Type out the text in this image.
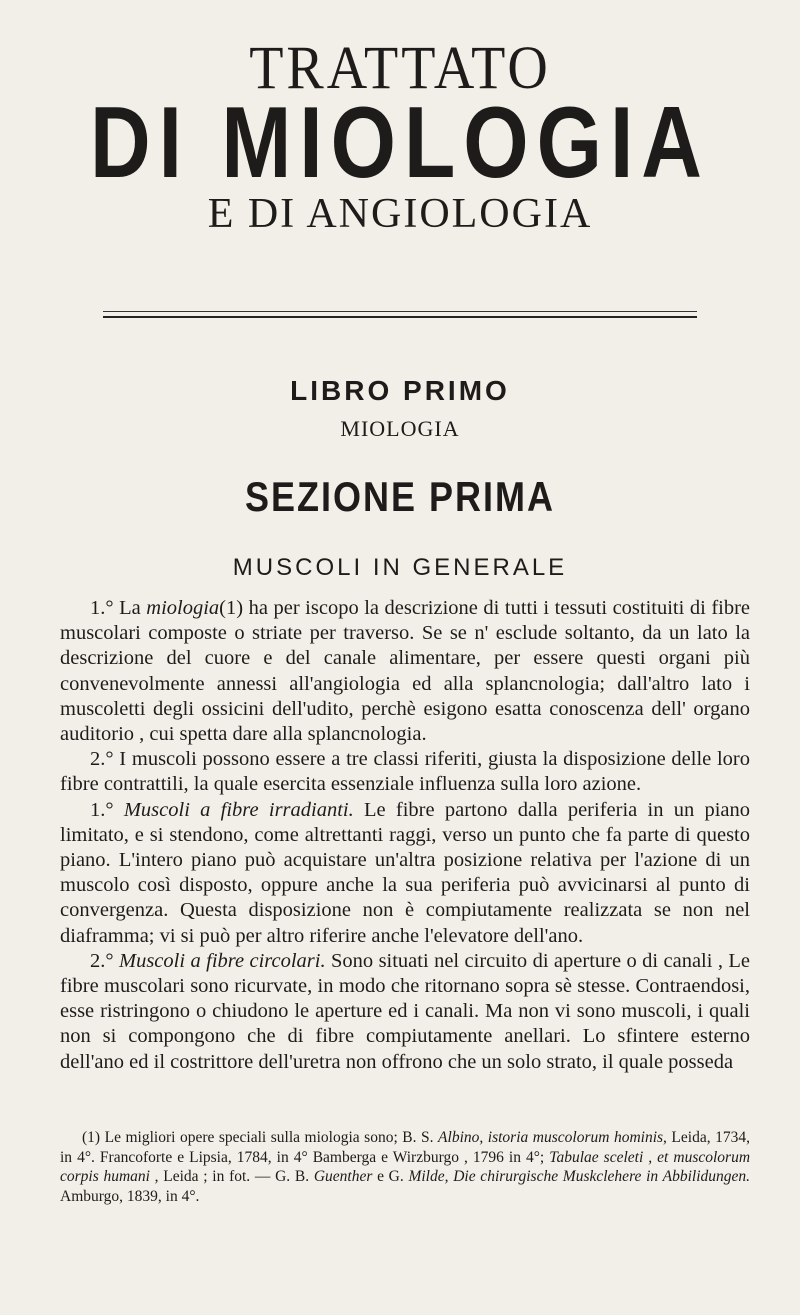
TRATTATO
DI MIOLOGIA
E DI ANGIOLOGIA
LIBRO PRIMO
MIOLOGIA
SEZIONE PRIMA
MUSCOLI IN GENERALE

1.° La miologia(1) ha per iscopo la descrizione di tutti i tessuti costituiti di fibre muscolari composte o striate per traverso. Se se n' esclude soltanto, da un lato la descrizione del cuore e del canale alimentare, per essere questi organi più convenevolmente annessi all'angiologia ed alla splancnologia; dall'altro lato i muscoletti degli ossicini dell'udito, perchè esigono esatta conoscenza dell' organo auditorio , cui spetta dare alla splancnologia.

2.° I muscoli possono essere a tre classi riferiti, giusta la disposizione delle loro fibre contrattili, la quale esercita essenziale influenza sulla loro azione.

1.° Muscoli a fibre irradianti. Le fibre partono dalla periferia in un piano limitato, e si stendono, come altrettanti raggi, verso un punto che fa parte di questo piano. L'intero piano può acquistare un'altra posizione relativa per l'azione di un muscolo così disposto, oppure anche la sua periferia può avvicinarsi al punto di convergenza. Questa disposizione non è compiutamente realizzata se non nel diaframma; vi si può per altro riferire anche l'elevatore dell'ano.

2.° Muscoli a fibre circolari. Sono situati nel circuito di aperture o di canali , Le fibre muscolari sono ricurvate, in modo che ritornano sopra sè stesse. Contraendosi, esse ristringono o chiudono le aperture ed i canali. Ma non vi sono muscoli, i quali non si compongono che di fibre compiutamente anellari. Lo sfintere esterno dell'ano ed il costrittore dell'uretra non offrono che un solo strato, il quale posseda

(1) Le migliori opere speciali sulla miologia sono; B. S. Albino, istoria muscolorum hominis, Leida, 1734, in 4°. Francoforte e Lipsia, 1784, in 4° Bamberga e Wirzburgo , 1796 in 4°; Tabulae sceleti , et muscolorum corpis humani , Leida ; in fot. — G. B. Guenther e G. Milde, Die chirurgische Muskclehere in Abbilidungen. Amburgo, 1839, in 4°.
